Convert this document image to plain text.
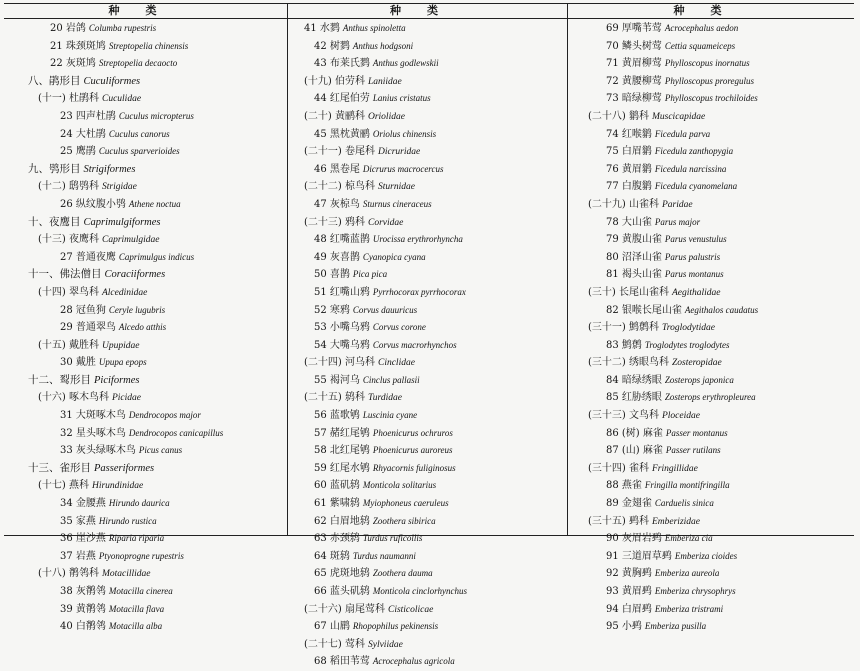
种类	种类	种类
20 岩鸽 Columba rupestris
21 珠颈斑鸠 Streptopelia chinensis
22 灰斑鸠 Streptopelia decaocto
八、鹃形目 Cuculiformes
(十一) 杜鹃科 Cuculidae
23 四声杜鹃 Cuculus micropterus
24 大杜鹃 Cuculus canorus
25 鹰鹃 Cuculus sparverioides
九、鸮形目 Strigiformes
(十二) 鸱鸮科 Strigidae
26 纵纹腹小鸮 Athene noctua
十、夜鹰目 Caprimulgiformes
(十三) 夜鹰科 Caprimulgidae
27 普通夜鹰 Caprimulgus indicus
十一、佛法僧目 Coraciiformes
(十四) 翠鸟科 Alcedinidae
28 冠鱼狗 Ceryle lugubris
29 普通翠鸟 Alcedo atthis
(十五) 戴胜科 Upupidae
30 戴胜 Upupa epops
十二、䴕形目 Piciformes
(十六) 啄木鸟科 Picidae
31 大斑啄木鸟 Dendrocopos major
32 星头啄木鸟 Dendrocopos canicapillus
33 灰头绿啄木鸟 Picus canus
十三、雀形目 Passeriformes
(十七) 燕科 Hirundinidae
34 金腰燕 Hirundo daurica
35 家燕 Hirundo rustica
36 崖沙燕 Riparia riparia
37 岩燕 Ptyonoprogne rupestris
(十八) 鹡鸰科 Motacillidae
38 灰鹡鸰 Motacilla cinerea
39 黄鹡鸰 Motacilla flava
40 白鹡鸰 Motacilla alba
41 水鹨 Anthus spinoletta
42 树鹨 Anthus hodgsoni
43 布莱氏鹨 Anthus godlewskii
(十九) 伯劳科 Laniidae
44 红尾伯劳 Lanius cristatus
(二十) 黄鹂科 Oriolidae
45 黑枕黄鹂 Oriolus chinensis
(二十一) 卷尾科 Dicruridae
46 黑卷尾 Dicrurus macrocercus
(二十二) 椋鸟科 Sturnidae
47 灰椋鸟 Sturnus cineraceus
(二十三) 鸦科 Corvidae
48 红嘴蓝鹊 Urocissa erythrorhyncha
49 灰喜鹊 Cyanopica cyana
50 喜鹊 Pica pica
51 红嘴山鸦 Pyrrhocorax pyrrhocorax
52 寒鸦 Corvus dauuricus
53 小嘴乌鸦 Corvus corone
54 大嘴乌鸦 Corvus macrorhynchos
(二十四) 河乌科 Cinclidae
55 褐河乌 Cinclus pallasii
(二十五) 鸫科 Turdidae
56 蓝歌鸲 Luscinia cyane
57 赭红尾鸲 Phoenicurus ochruros
58 北红尾鸲 Phoenicurus auroreus
59 红尾水鸲 Rhyacornis fuliginosus
60 蓝矶鸫 Monticola solitarius
61 紫啸鸫 Myiophoneus caeruleus
62 白眉地鸫 Zoothera sibirica
63 赤颈鸫 Turdus ruficollis
64 斑鸫 Turdus naumanni
65 虎斑地鸫 Zoothera dauma
66 蓝头矶鸫 Monticola cinclorhynchus
(二十六) 扇尾莺科 Cisticolicae
67 山鹛 Rhopophilus pekinensis
(二十七) 莺科 Sylviidae
68 稻田苇莺 Acrocephalus agricola
69 厚嘴苇莺 Acrocephalus aedon
70 鳞头树莺 Cettia squameiceps
71 黄眉柳莺 Phylloscopus inornatus
72 黄腰柳莺 Phylloscopus proregulus
73 暗绿柳莺 Phylloscopus trochiloides
(二十八) 鹟科 Muscicapidae
74 红喉鹟 Ficedula parva
75 白眉鹟 Ficedula zanthopygia
76 黄眉鹟 Ficedula narcissina
77 白腹鹟 Ficedula cyanomelana
(二十九) 山雀科 Paridae
78 大山雀 Parus major
79 黄腹山雀 Parus venustulus
80 沼泽山雀 Parus palustris
81 褐头山雀 Parus montanus
(三十) 长尾山雀科 Aegithalidae
82 银喉长尾山雀 Aegithalos caudatus
(三十一) 鹪鹩科 Troglodytidae
83 鹪鹩 Troglodytes troglodytes
(三十二) 绣眼鸟科 Zosteropidae
84 暗绿绣眼 Zosterops japonica
85 红胁绣眼 Zosterops erythropleurea
(三十三) 文鸟科 Ploceidae
86 (树) 麻雀 Passer montanus
87 (山) 麻雀 Passer rutilans
(三十四) 雀科 Fringillidae
88 燕雀 Fringilla montifringilla
89 金翅雀 Carduelis sinica
(三十五) 鹀科 Emberizidae
90 灰眉岩鹀 Emberiza cia
91 三道眉草鹀 Emberiza cioides
92 黄胸鹀 Emberiza aureola
93 黄眉鹀 Emberiza chrysophrys
94 白眉鹀 Emberiza tristrami
95 小鹀 Emberiza pusilla
